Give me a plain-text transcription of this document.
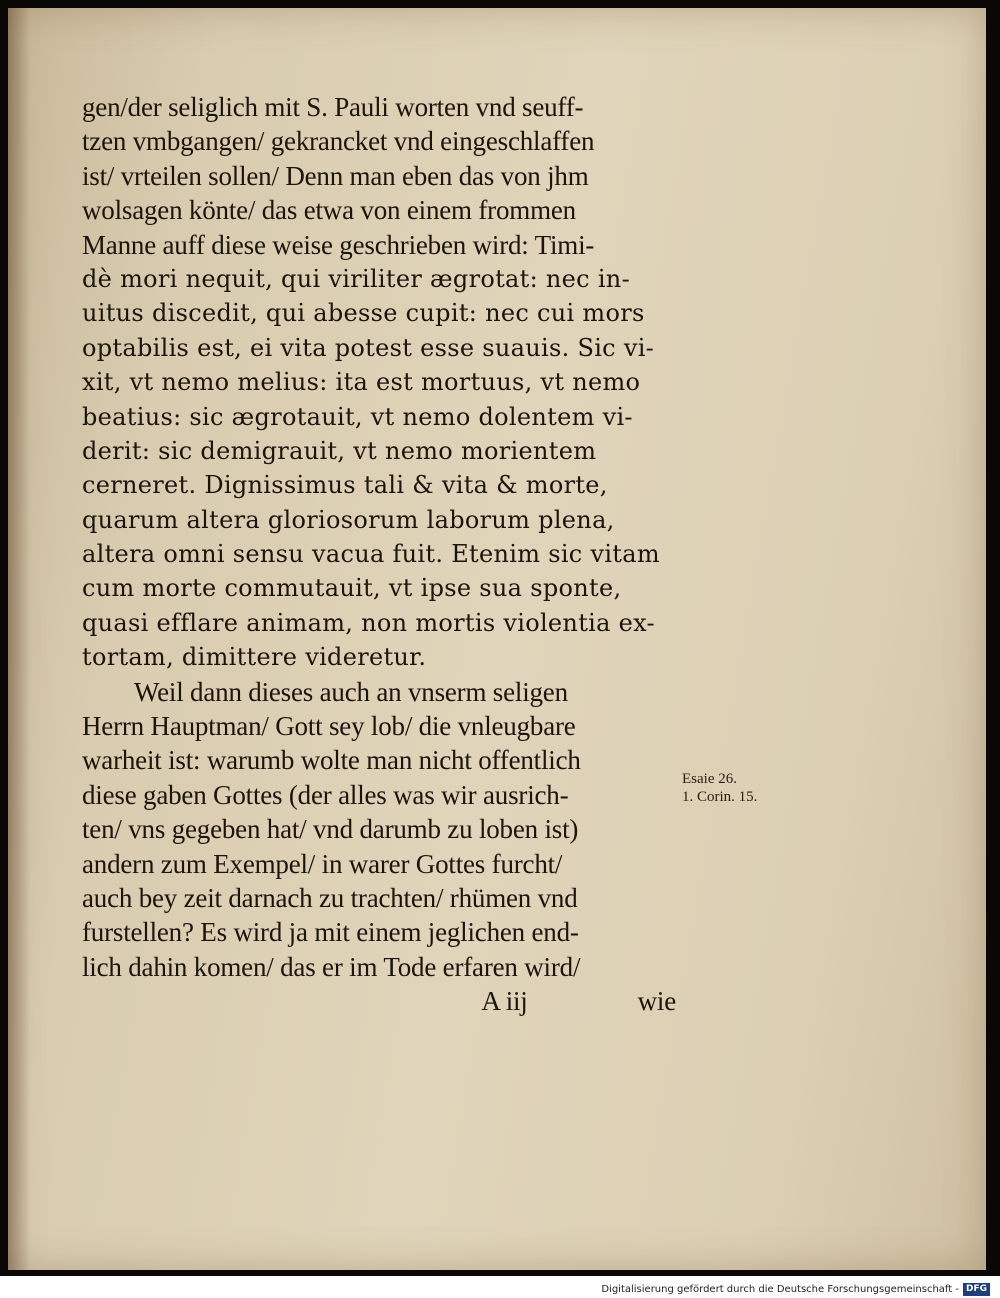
gen/der seliglich mit S. Pauli worten vnd seuff-
tzen vmbgangen/ gekrancket vnd eingeschlaffen
ist/ vrteilen sollen/ Denn man eben das von jhm
wolsagen könte/ das etwa von einem frommen
Manne auff diese weise geschrieben wird: Timi-
dè mori nequit, qui viriliter ægrotat: nec in-
uitus discedit, qui abesse cupit: nec cui mors
optabilis est, ei vita potest esse suauis. Sic vi-
xit, vt nemo melius: ita est mortuus, vt nemo
beatius: sic ægrotauit, vt nemo dolentem vi-
derit: sic demigrauit, vt nemo morientem
cerneret. Dignissimus tali & vita & morte,
quarum altera gloriosorum laborum plena,
altera omni sensu vacua fuit. Etenim sic vitam
cum morte commutauit, vt ipse sua sponte,
quasi efflare animam, non mortis violentia ex-
tortam, dimittere videretur.
Weil dann dieses auch an vnserm seligen
Herrn Hauptman/ Gott sey lob/ die vnleugbare
warheit ist: warumb wolte man nicht offentlich
diese gaben Gottes (der alles was wir ausrich-
ten/ vns gegeben hat/ vnd darumb zu loben ist)
andern zum Exempel/ in warer Gottes furcht/
auch bey zeit darnach zu trachten/ rhümen vnd
furstellen? Es wird ja mit einem jeglichen end-
lich dahin komen/ das er im Tode erfaren wird/
A iij	wie
Esaie 26.
1. Corin. 15.
Digitalisierung gefördert durch die Deutsche Forschungsgemeinschaft - DFG
